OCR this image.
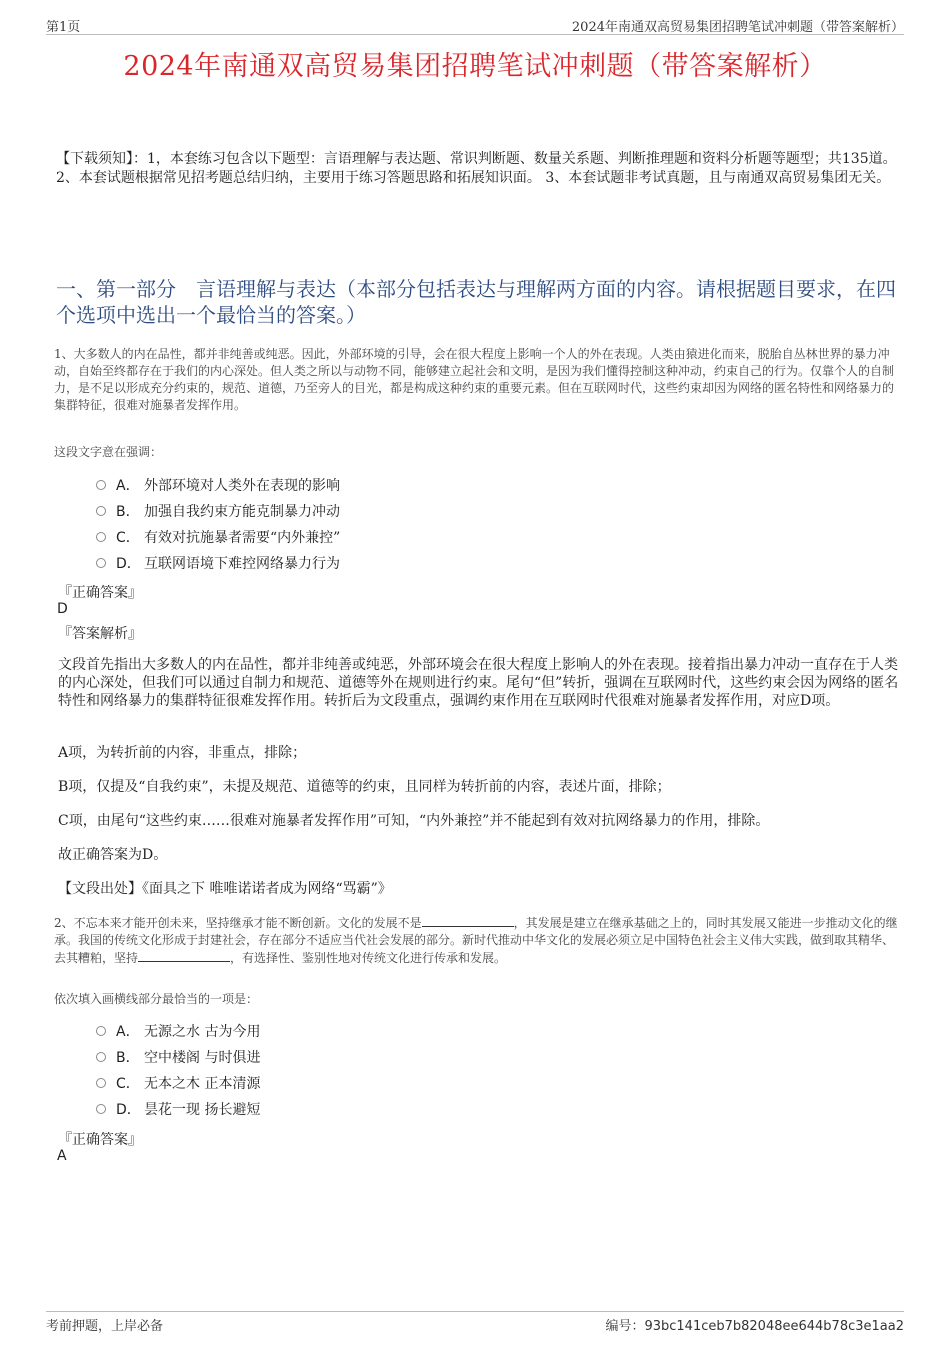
第1页	2024年南通双高贸易集团招聘笔试冲刺题（带答案解析）
2024年南通双高贸易集团招聘笔试冲刺题（带答案解析）
【下载须知】：1，本套练习包含以下题型：言语理解与表达题、常识判断题、数量关系题、判断推理题和资料分析题等题型；共135道。 2、本套试题根据常见招考题总结归纳，主要用于练习答题思路和拓展知识面。 3、本套试题非考试真题，且与南通双高贸易集团无关。
一、第一部分　言语理解与表达（本部分包括表达与理解两方面的内容。请根据题目要求，在四个选项中选出一个最恰当的答案。）
1、大多数人的内在品性，都并非纯善或纯恶。因此，外部环境的引导，会在很大程度上影响一个人的外在表现。人类由猿进化而来，脱胎自丛林世界的暴力冲动，自始至终都存在于我们的内心深处。但人类之所以与动物不同，能够建立起社会和文明，是因为我们懂得控制这种冲动，约束自己的行为。仅靠个人的自制力，是不足以形成充分约束的，规范、道德，乃至旁人的目光，都是构成这种约束的重要元素。但在互联网时代，这些约束却因为网络的匿名特性和网络暴力的集群特征，很难对施暴者发挥作用。
这段文字意在强调：
A． 外部环境对人类外在表现的影响
B． 加强自我约束方能克制暴力冲动
C． 有效对抗施暴者需要“内外兼控”
D． 互联网语境下难控网络暴力行为
『正确答案』
D
『答案解析』
文段首先指出大多数人的内在品性，都并非纯善或纯恶，外部环境会在很大程度上影响人的外在表现。接着指出暴力冲动一直存在于人类的内心深处，但我们可以通过自制力和规范、道德等外在规则进行约束。尾句“但”转折，强调在互联网时代，这些约束会因为网络的匿名特性和网络暴力的集群特征很难发挥作用。转折后为文段重点，强调约束作用在互联网时代很难对施暴者发挥作用，对应D项。
A项，为转折前的内容，非重点，排除；
B项，仅提及“自我约束”，未提及规范、道德等的约束，且同样为转折前的内容，表述片面，排除；
C项，由尾句“这些约束……很难对施暴者发挥作用”可知，“内外兼控”并不能起到有效对抗网络暴力的作用，排除。
故正确答案为D。
【文段出处】《面具之下 唯唯诺诺者成为网络“骂霸”》
2、不忘本来才能开创未来，坚持继承才能不断创新。文化的发展不是	，其发展是建立在继承基础之上的，同时其发展又能进一步推动文化的继承。我国的传统文化形成于封建社会，存在部分不适应当代社会发展的部分。新时代推动中华文化的发展必须立足中国特色社会主义伟大实践，做到取其精华、去其糟粕，坚持	，有选择性、鉴别性地对传统文化进行传承和发展。
依次填入画横线部分最恰当的一项是：
A． 无源之水 古为今用
B． 空中楼阁 与时俱进
C． 无本之木 正本清源
D． 昙花一现 扬长避短
『正确答案』
A
考前押题，上岸必备	编号：93bc141ceb7b82048ee644b78c3e1aa2
